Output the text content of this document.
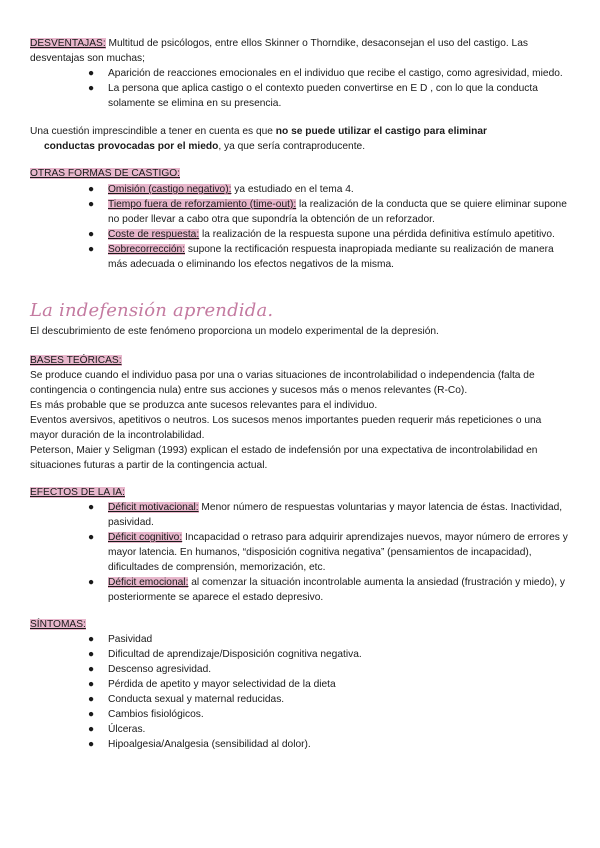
DESVENTAJAS: Multitud de psicólogos, entre ellos Skinner o Thorndike, desaconsejan el uso del castigo. Las desventajas son muchas;

● Aparición de reacciones emocionales en el individuo que recibe el castigo, como agresividad, miedo.
● La persona que aplica castigo o el contexto pueden convertirse en E D , con lo que la conducta solamente se elimina en su presencia.

Una cuestión imprescindible a tener en cuenta es que no se puede utilizar el castigo para eliminar
conductas provocadas por el miedo, ya que sería contraproducente.

OTRAS FORMAS DE CASTIGO:

● Omisión (castigo negativo): ya estudiado en el tema 4.
● Tiempo fuera de reforzamiento (time-out): la realización de la conducta que se quiere eliminar supone no poder llevar a cabo otra que supondría la obtención de un reforzador.
● Coste de respuesta: la realización de la respuesta supone una pérdida definitiva estímulo apetitivo.
● Sobrecorrección: supone la rectificación respuesta inapropiada mediante su realización de manera más adecuada o eliminando los efectos negativos de la misma.
La indefensión aprendida.

El descubrimiento de este fenómeno proporciona un modelo experimental de la depresión.

BASES TEÓRICAS:

Se produce cuando el individuo pasa por una o varias situaciones de incontrolabilidad o independencia (falta de contingencia o contingencia nula) entre sus acciones y sucesos más o menos relevantes (R-Co).

Es más probable que se produzca ante sucesos relevantes para el individuo.

Eventos aversivos, apetitivos o neutros. Los sucesos menos importantes pueden requerir más repeticiones o una mayor duración de la incontrolabilidad.

Peterson, Maier y Seligman (1993) explican el estado de indefensión por una expectativa de incontrolabilidad en situaciones futuras a partir de la contingencia actual.

EFECTOS DE LA IA:

● Déficit motivacional: Menor número de respuestas voluntarias y mayor latencia de éstas. Inactividad, pasividad.
● Déficit cognitivo: Incapacidad o retraso para adquirir aprendizajes nuevos, mayor número de errores y mayor latencia. En humanos, “disposición cognitiva negativa” (pensamientos de incapacidad), dificultades de comprensión, memorización, etc.
● Déficit emocional: al comenzar la situación incontrolable aumenta la ansiedad (frustración y miedo), y posteriormente se aparece el estado depresivo.

SÍNTOMAS:

● Pasividad
● Dificultad de aprendizaje/Disposición cognitiva negativa.
● Descenso agresividad.
● Pérdida de apetito y mayor selectividad de la dieta
● Conducta sexual y maternal reducidas.
● Cambios fisiológicos.
● Úlceras.
● Hipoalgesia/Analgesia (sensibilidad al dolor).
